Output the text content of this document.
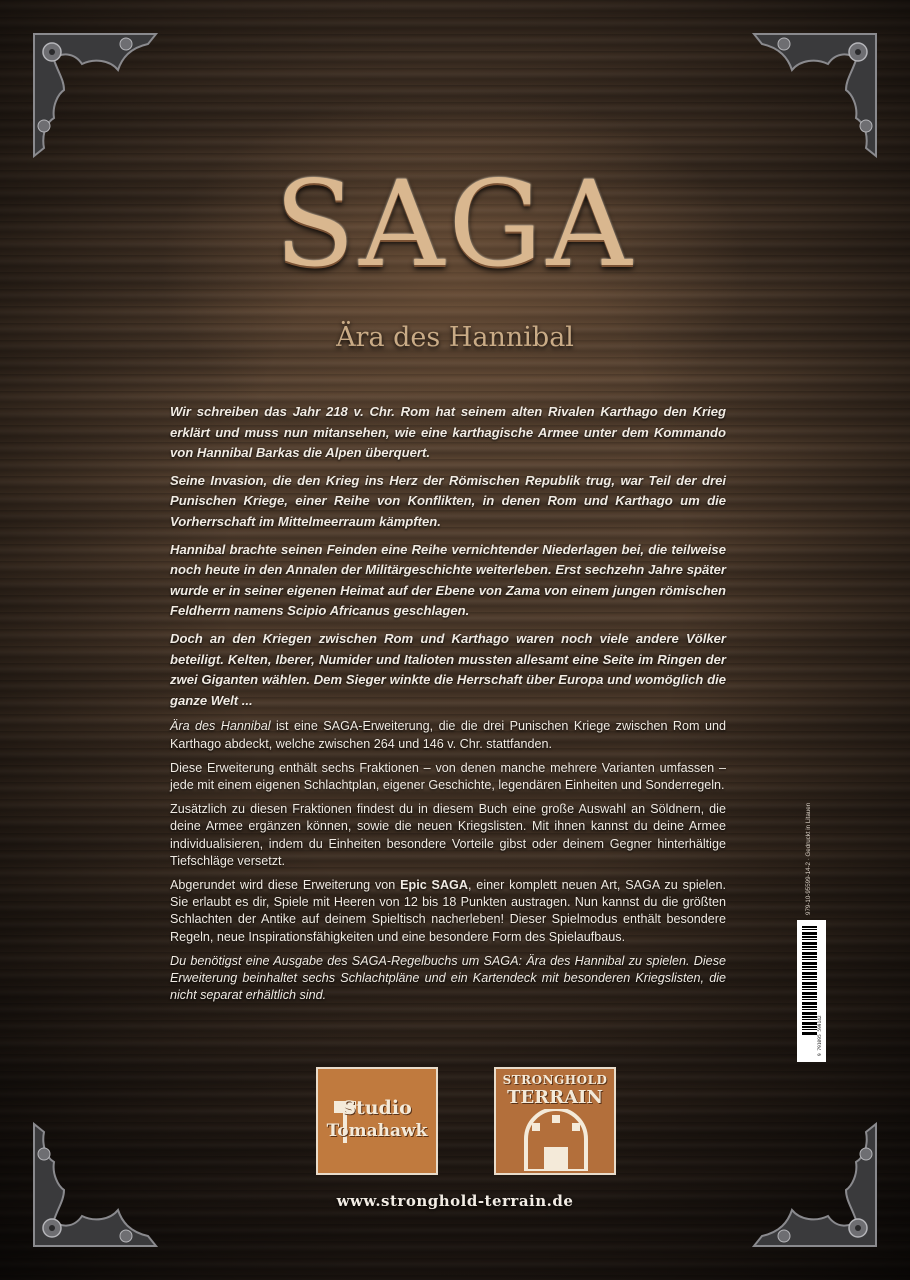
SAGA
Ära des Hannibal

Wir schreiben das Jahr 218 v. Chr. Rom hat seinem alten Rivalen Karthago den Krieg erklärt und muss nun mitansehen, wie eine karthagische Armee unter dem Kommando von Hannibal Barkas die Alpen überquert.

Seine Invasion, die den Krieg ins Herz der Römischen Republik trug, war Teil der drei Punischen Kriege, einer Reihe von Konflikten, in denen Rom und Karthago um die Vorherrschaft im Mittelmeerraum kämpften.

Hannibal brachte seinen Feinden eine Reihe vernichtender Niederlagen bei, die teilweise noch heute in den Annalen der Militärgeschichte weiterleben. Erst sechzehn Jahre später wurde er in seiner eigenen Heimat auf der Ebene von Zama von einem jungen römischen Feldherrn namens Scipio Africanus geschlagen.

Doch an den Kriegen zwischen Rom und Karthago waren noch viele andere Völker beteiligt. Kelten, Iberer, Numider und Italioten mussten allesamt eine Seite im Ringen der zwei Giganten wählen. Dem Sieger winkte die Herrschaft über Europa und womöglich die ganze Welt ...

Ära des Hannibal ist eine SAGA-Erweiterung, die die drei Punischen Kriege zwischen Rom und Karthago abdeckt, welche zwischen 264 und 146 v. Chr. stattfanden.

Diese Erweiterung enthält sechs Fraktionen – von denen manche mehrere Varianten umfassen – jede mit einem eigenen Schlachtplan, eigener Geschichte, legendären Einheiten und Sonderregeln.

Zusätzlich zu diesen Fraktionen findest du in diesem Buch eine große Auswahl an Söldnern, die deine Armee ergänzen können, sowie die neuen Kriegslisten. Mit ihnen kannst du deine Armee individualisieren, indem du Einheiten besondere Vorteile gibst oder deinem Gegner hinterhältige Tiefschläge versetzt.

Abgerundet wird diese Erweiterung von Epic SAGA, einer komplett neuen Art, SAGA zu spielen. Sie erlaubt es dir, Spiele mit Heeren von 12 bis 18 Punkten austragen. Nun kannst du die größten Schlachten der Antike auf deinem Spieltisch nacherleben! Dieser Spielmodus enthält besondere Regeln, neue Inspirationsfähigkeiten und eine besondere Form des Spielaufbaus.

Du benötigst eine Ausgabe des SAGA-Regelbuchs um SAGA: Ära des Hannibal zu spielen. Diese Erweiterung beinhaltet sechs Schlachtpläne und ein Kartendeck mit besonderen Kriegslisten, die nicht separat erhältlich sind.

979-10-95599-14-2 · Gedruckt in Litauen
9 791095 599142
Studio
Tomahawk
STRONGHOLD
TERRAIN
www.stronghold-terrain.de
